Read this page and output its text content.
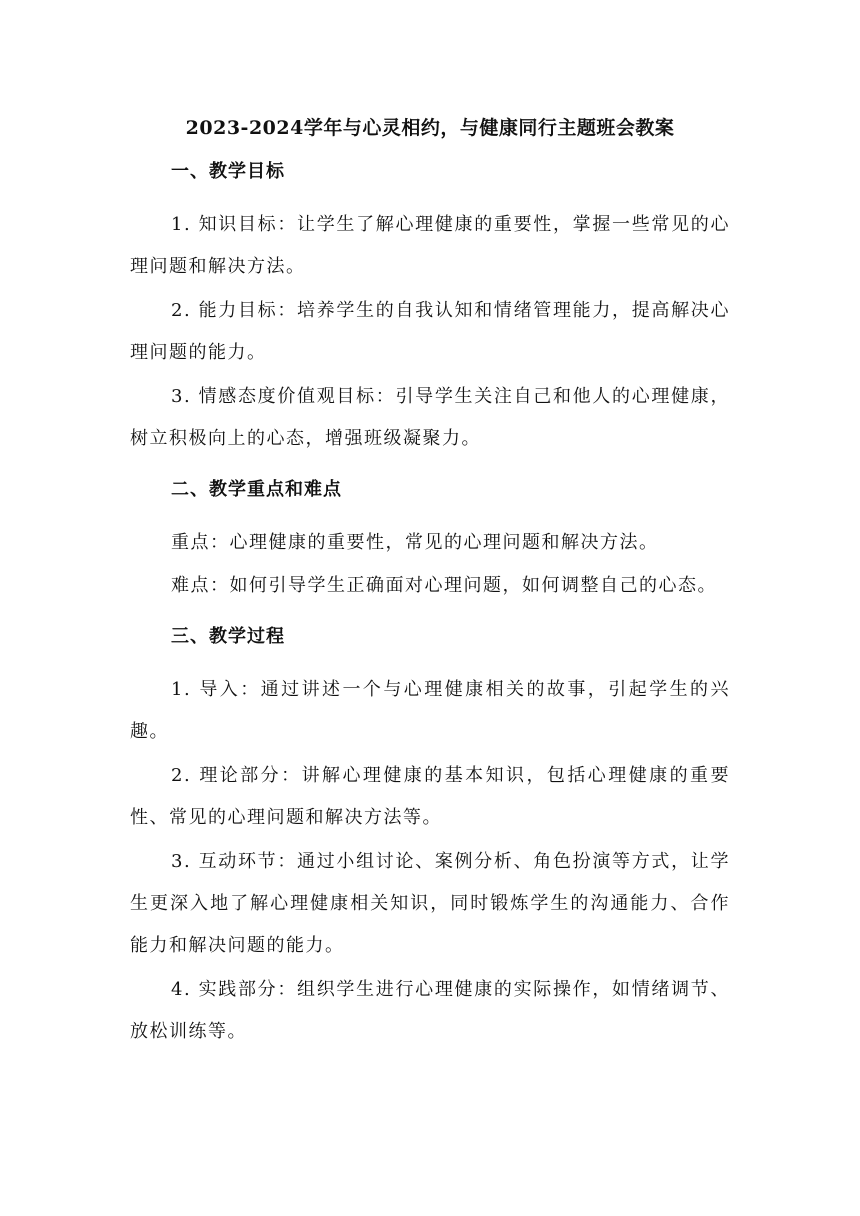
2023-2024学年与心灵相约，与健康同行主题班会教案
一、教学目标

1. 知识目标：让学生了解心理健康的重要性，掌握一些常见的心理问题和解决方法。

2. 能力目标：培养学生的自我认知和情绪管理能力，提高解决心理问题的能力。

3. 情感态度价值观目标：引导学生关注自己和他人的心理健康，树立积极向上的心态，增强班级凝聚力。

二、教学重点和难点

重点：心理健康的重要性，常见的心理问题和解决方法。

难点：如何引导学生正确面对心理问题，如何调整自己的心态。

三、教学过程

1. 导入：通过讲述一个与心理健康相关的故事，引起学生的兴趣。

2. 理论部分：讲解心理健康的基本知识，包括心理健康的重要性、常见的心理问题和解决方法等。

3. 互动环节：通过小组讨论、案例分析、角色扮演等方式，让学生更深入地了解心理健康相关知识，同时锻炼学生的沟通能力、合作能力和解决问题的能力。

4. 实践部分：组织学生进行心理健康的实际操作，如情绪调节、放松训练等。
